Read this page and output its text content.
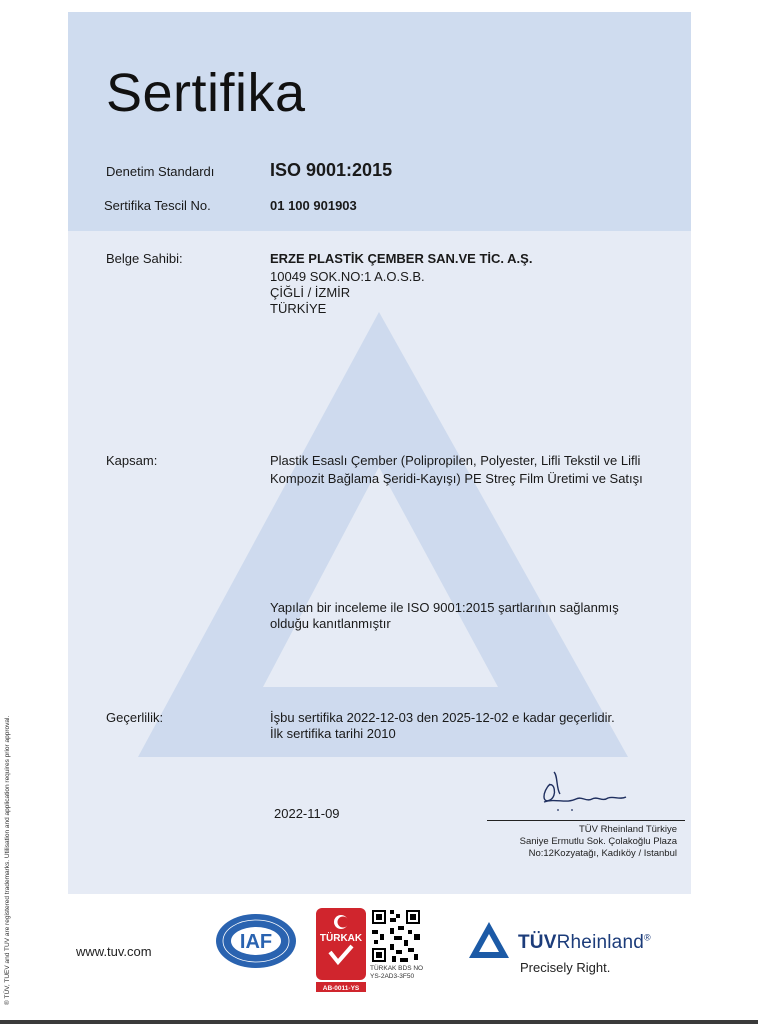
Sertifika
Denetim Standardı	ISO 9001:2015
Sertifika Tescil No.	01 100 901903
Belge Sahibi:	ERZE PLASTİK ÇEMBER SAN.VE TİC. A.Ş.
10049 SOK.NO:1 A.O.S.B.
ÇİĞLİ / İZMİR
TÜRKİYE
Kapsam:	Plastik Esaslı Çember (Polipropilen, Polyester, Lifli Tekstil ve Lifli
Kompozit Bağlama Şeridi-Kayışı) PE Streç Film Üretimi ve Satışı
Yapılan bir inceleme ile ISO 9001:2015 şartlarının sağlanmış
olduğu kanıtlanmıştır
Geçerlilik:	İşbu sertifika 2022-12-03 den 2025-12-02 e kadar geçerlidir.
İlk sertifika tarihi 2010
2022-11-09
TÜV Rheinland Türkiye
Saniye Ermutlu Sok. Çolakoğlu Plaza
No:12Kozyatağı, Kadıköy / Istanbul
® TÜV, TUEV and TUV are registered trademarks. Utilisation and application requires prior approval.	www.tuv.com	IAF	TÜRKAK
AB-0011-YS
TÜRKAK BDS NO
YS-2AD3-3F50
TÜVRheinland®
Precisely Right.
